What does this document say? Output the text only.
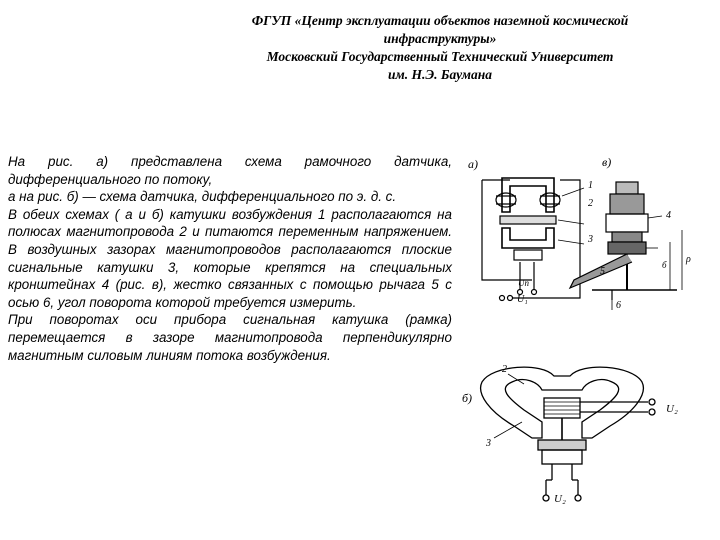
ФГУП «Центр эксплуатации объектов наземной космической
инфраструктуры»
Московский Государственный Технический Университет
им. Н.Э. Баумана

На рис. а) представлена схема рамочного датчика, дифференциального по потоку,

а на рис. б) — схема датчика, дифференциального по э. д. с.

В обеих схемах ( а и б) катушки возбуждения 1 располагаются на полюсах магнитопровода 2 и питаются переменным напряжением. В воздушных зазорах магнитопроводов располагаются плоские сигнальные катушки 3, которые крепятся на специальных кронштейнах 4 (рис. в), жестко связанных с помощью рычага 5 с осью 6, угол поворота которой требуется измерить.

При поворотах оси прибора сигнальная катушка (рамка) перемещается в зазоре магнитопровода перпендикулярно магнитным силовым линиям потока возбуждения.

а)
Uп
U₁
1
2
3
в)
ρ
б
4
5
6
б)
U₂
U₂
2
3
